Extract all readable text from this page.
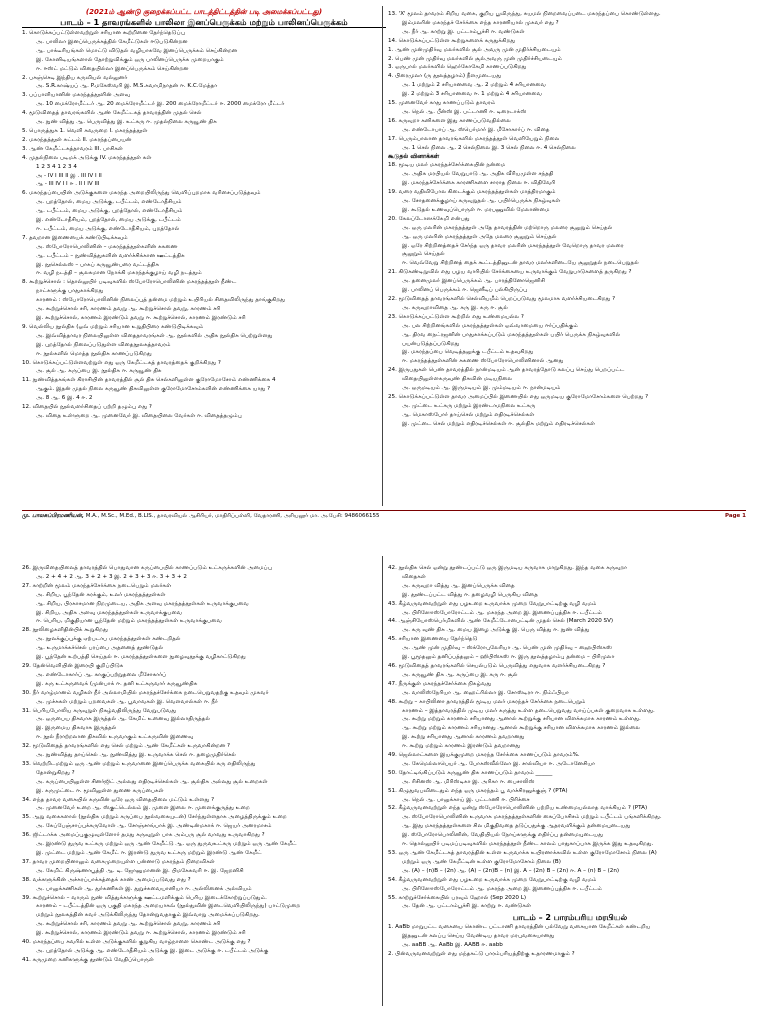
(2021ம் ஆண்டு குறைக்கப்பட்ட பாடத்திட்டத்தின் படி அமைக்கப்பட்டது)
பாடம் – 1 தாவரங்களில் பாலிலா இனப்பெருக்கம் மற்றும் பாலினப்பெருக்கம்
1. கொடுக்கப்பட்டுள்ளவற்றுள் சரியான கூற்றினை தேர்ந்தெடுப்பு
அ. பாலிலா இனப்பெருக்கத்தில் கேமீட்டுகள் ஈடுபடுகின்றன
ஆ. பாக்டீரியங்கள் மொட்டு விடுதல் வழியாகவே இனப்பெருக்கம் செய்கின்றன
இ. கோனிடியங்களால் தோற்றுவிக்கும் ஒரு பாலினப்பெருக்க முறையாகும்
ஈ. ஈஸ்ட் மட்டும் விதையில்லா இனப்பெருக்கம் செய்கின்றன
2. பசுஞ்செடி இந்திய கருவியல் வல்லுனர்
அ. S.R.காஷ்யப் ஆ. P.மகேஸ்வரி இ. M.S.சுவாமிநாதன் ஈ. K.C.மேத்தா
3. பப்பாளியானின் மகரந்தத்தூளின் அளவு
அ. 10 மைக்ரோமீட்டர் ஆ. 20 மைக்ரோமீட்டர் இ. 200 மைக்ரோமீட்டர் ஈ. 2000 மைக்ரோ மீட்டர்
4. மூடுவிதைத் தாவரங்களில் ஆண் கேமீட்டகத் தாவரத்தின் முதல் செல்
அ. நுண் வித்து ஆ. பெருவித்து இ. உட்கரு ஈ. முதல்நிலை கருவூண் திசு
5. பொருத்துக 1. வெளி சுவருறை I. மகரந்தத்தூள்
2. மகரந்தத்தூள் சுட்டம் II. மகரந்தப்பையன்
3. ஆண் கேமீட்டகத்தாவரம் III. பாசிகள்
4. முதல்நிலை படிமக் அடுக்கு IV. மகரந்தத்தூள் கள்
1 2 3 4 1 2 3 4
அ - IV I III II இ . III IV I II
ஆ - III IV I I ஈ . II I IV III
6. மகரந்தப்பையின் அடுக்குகளை மகரந்த அறையிலிருந்து வெளிப்புறமாக வரிசைப்படுத்தவும்
அ. புறத்தோல், மைய அடுக்கு, டபீட்டம், எண்டோதீசியம்
ஆ. டபீட்டம், மைய அடுக்கு, புறத்தோல், எண்டோதீசியம்
இ. எண்டோதீசியம், புறத்தோல், மைய அடுக்கு, டபீட்டம்
ஈ. டபீட்டம், மைய அடுக்கு, எண்டோதீசியம், புறத்தோல்
7. தவறான இணையைக் கண்டுபிடிக்கவும்
அ. ஸ்போரோபொலினின் – மகரந்தத்தூள்களின் சுகணை
ஆ. டபீட்டம் – நுண்வித்துகளின் வளர்ச்சிக்கான ஊட்டத்திசு
இ. நூசெல்லஸ் – பாகப் கருவூண்பரை வட்டத்திசு
ஈ. வழி நடத்தி – சூலகமான நோக்கி மகரந்தக்குழாய் வழி நடத்தும்
8. கூற்றுச்சொல் : தொல்லுயிர் படிவுகளில் ஸ்போரோபொலினின் மகரந்தத்தூள் நீண்ட
நாட்களுக்கு பாதுகாக்கிறது
காரணம் : ஸ்போரோபொலினின் நிலைப்புத் தன்மை மற்றும் உயிரியல் சிதைவிலிருந்து தாங்குகிறது
அ. கூற்றுச்சொல் சரி, காரணம் தவறு ஆ. கூற்றுச்சொல் தவறு, காரணம் சரி
இ. கூற்றுச்சொல், காரணம் இரண்டும் தவறு ஈ. கூற்றுச்சொல், காரணம் இரண்டும் சரி
9. வெல்லிய நூல்திசு (ஓவ் மற்றும் சரியான உறுதிபிரை கண்டுபிடிக்கவும்
அ. இவ்வித்தாவர நிலையிலுள்ள விதைதாவரங்கள் ஆ. நூல்களில் அதிக நூல்திசு பெற்றுள்ளது
இ. புறத்தோல் நிலைப்படுதுள்ள விதைநூலகத்தாவரம்
ஈ. நூல்களில் மொத்த நூல்திசு காணப்படுகிறது
10. கொடுக்கப்பட்டுள்ளவற்றுள் எது ஒரு கேமீட்டகத் தாவரத்தைக் குறிக்கிறது ?
அ. சூல் ஆ. கருப்பை இ. நூல்திசு ஈ. கருவூண் திசு
11. நுண்வித்தகங்கள் கிராசியின் தாவரத்தில் சூல் திசு செல்களிலுள்ள குரோமோசோம் எண்ணிக்கை 4
ஆகும். இதன் முதல் நிலை கருவூண் திசுவிலுள்ள குரோமோசோம்களின் எண்ணிக்கை யாது ?
அ. 8 ஆ. 6 இ. 4 ஈ. 2
12. விதையில் நூல்வளர்சிதைப் பற்றி தழும்பு எது ?
அ. விதை உள்ளுறை ஆ. முனைவேர் இ. விதையிலை வேர்கள் ஈ. விதைத்தழும்பு
13. 'X' மூலம் தாவரம் சிறிய வகை, குறிய பூவிருந்து, சுயமல் நிறைவைப்படை மகரந்தப்பை கொண்டுள்ளது.
இம்மலரின் மகரந்தச் சேர்க்கை எந்த காரணியால் முகவர் எது ?
அ. நீர் ஆ. காற்று இ. பட்டாம்பூச்சி ஈ. வண்டுகள்
14. கொடுக்கப்பட்டுள்ள கூற்றுகளைக் கருதுக்கிறது
1. ஆண் முன்முதிர்வு மலர்களில் சூல் அவரு முன் முதிர்ச்சியடையும்
2. பெண் முன் முதிர்வு மலர்களில் சூல்அவரு முன் முதிர்ச்சியடையும்
3. ஒருபால் மலர்களில் ஹெர்கோகேமி காணப்படுகிறது
4. பிரைமுலா (ரு தூலத்தழாம்) நீளமுடையது
அ. 1 மற்றும் 2 சரியானவை ஆ. 2 மற்றும் 4 சரியானவை
இ. 2 மற்றும் 3 சரியானவை ஈ. 1 மற்றும் 4 சரியானவை
15. முனைவேர் காது காணப்படும் தாவரம்
அ. நெல் ஆ. பீன்ஸ் இ. பட்டாணி ஈ. டிரைடாக்ஸ்
16. கருவுறா கனிகளை இது காணப்படுவதில்லை
அ. எண்டோபாப் ஆ. ஸ்பெர்மார் இ. மீசோகார்ப் ஈ. விதை
17. பெரும்பாலான தாவரங்களில் மகரந்தத்தூள் வெளியேறும் நிலை
அ. 1 செல் நிலை ஆ. 2 செல்நிலை இ. 3 செல் நிலை ஈ. 4 செல்நிலை
கூடுதல் வினாக்கள்
18. மூடிய மலர் மகரந்தச்சேர்க்கையின் நன்மை
அ. அதிக மரபியல் வேறுபாடு ஆ. அதிக வீரியமுள்ள சந்ததி
இ. மகரந்தச்சேர்க்கை காரணிகளை சாராத நிலை ஈ. விதிவேரி
19. வரை வதிவிபோல கிடைக்கும் மகரந்தத்தூள்கள் மாத்திரமாகும்
அ. சோதனைக்குழாய் கருவுறுதல் ஆ. பயிர்பெருக்க நிகழ்வுகள்
இ. கூடுதல் உணவுப்பொருள் ஈ. மரபணுவில் மேலாண்மை
20. கேலப்டோஸக்கேமி என்பது
அ. ஒரு மலரின் மகரந்தத்தூள் அதே தாவரத்தின் மற்றொரு மலரை சூலுறும் செய்தல்
ஆ. ஒரு மலரின் மகரந்தத்தூள் அதே மலரை சூலுறும் செய்தல்
இ. ஒரே சிற்றினத்தைச் சேர்ந்த ஒரு தாவர மலரின் மகரந்தத்தூள் வேறொரு தாவர மலரை
சூலுறும் செய்தல்
ஈ. வெவ்வேறு சிற்றினத் தைக் கூட்டத்தினுடன் தாவர மலர்களிடையே சூலுறுதல் நடைபெறுதல்
21. கிடுகண்டிறுவில் எது பழய வாரியில் சேர்க்கையை உருவாக்கும் வேறுபாடுகளைத் தருகிறது ?
அ. தனைமுலர் இனப்பெருக்கம் ஆ. பாரத்தினோஜெனிசி
இ. பாலினப் பெருக்கம் ஈ. ஜெனீடிப் பல்கியிருப்பு
22. மூடுவிதைத் தாவரங்களில் செல்வியமீம் பெறப்படுவது மூலமாக வளர்ச்சியடைகிறது ?
அ. கருவுறாவிதை ஆ. கரு இ. கரு ஈ. சூல்
23. கொடுக்கப்பட்டுள்ள கூற்றில் எது உண்மையல்ல ?
அ. பல சிற்றினங்களில் மகரந்தத்தூள்கள் ஒவ்வாமையை ஈர்ப்பதிக்கும்
ஆ. திரவ நைட்ரஜனின் பாதுகாக்கப்படும் மகரந்தத்தூள்கள் பயிர் பெருக்க நிகழ்வுகளில்
பயன்படுத்தப்படுகிறது
இ. மகரந்தப்பை வெடித்தலுக்கு டபீட்டம் உதவுகிறது
ஈ. மகரந்தத்தூள்களின் சுகணை ஸ்போரோபொலினினால் ஆனது
24. இருபதுகள் பெண் தாவரத்தில் நான்மடியம் ஆன் தாவரத்தோடு கலப்பு செய்து பெறப்பட்ட
விதையிலுள்ளகருவுண் திசுவின் மடியநிலை
அ. ஒருமடியம் ஆ. இருமடியம் இ. மும்மடியம் ஈ. நான்மடியம்
25. கொடுக்கப்பட்டுள்ள தாவர அமைப்பில் இணையில் எது ஒருமடிய குரோமோசோம்களை பெற்றது ?
அ. முட்டை உட்கரு மற்றும் இரண்டாமநிலை உட்கரு
ஆ. மெகாஸ்போர் தாய்செல் மற்றும் எதிரடிச்செல்கள்
இ. முட்டை செல் மற்றும் எதிரடிச்செல்கள் ஈ. சூல்திசு மற்றும் எதிரடிச்செல்கள்
மு. பாலசுப்பிரமணியன், M.A., M.Sc., M.Ed., B.LIS., தாவரவியல் ஆசிரியர், மாதிரிப்பள்ளி, வேதாரணி, அரியலூர் மா. அ.பேசி: 9486066155	Page 1
26. இருவிதையிலைத் தாவரத்தில் பொதுவான கருப்பையில் காணப்படும் உட்கருக்களின் அமைப்பு
அ. 2 + 4 + 2 ஆ. 3 + 2 + 3 இ. 2 + 3 + 3 ஈ. 3 + 3 + 2
27. காற்றின் மூலம் மகரந்தச்சேர்க்கை நடைபெறும் மலர்கள்
அ. சிறிய, பூந்தேன் சுரக்கும், உலர் மகரந்தத்தூள்கள்
ஆ. சிறிய, பிரகாசமான நிறமுடைய, அதிக அளவு மகரந்தத்தூள்கள் உருவாக்குபவை
இ. சிறிய, அதிக அளவு மகரந்தத்தூள்கள் உருவாக்குபவை
ஈ. பெரிய, மிகுதியான பூந்தேன் மற்றும் மகரந்தத்தூள்கள் உருவாக்குபவை
28. நூலிழைகளிதின்பிக் கூறுகிறது
அ. நூலக்குப்புக்கு ஏற்படாப மகரந்தத்தூள்கள் கண்டறிதல்
ஆ. உருமாக்கச்செல் பரப்பை அதனைத் தூண்டுதல்
இ. பூந்தேன் உற்பத்தி செய்தல் ஈ. மகரந்தத்தூள்களை நுழைவுதூக்கு வழிகாட்டுகிறது
29. தேன்வெளியின் இரையி குறிப்பிடுக
அ. எண்டோகார்ப் ஆ. காகுப்பற்றுதலை மீசோகார்ப்
இ. கரு உட்கருவைக் (முன்பாக் ஈ. தனி உட்கருவார் கருவூண்திசு
30. நீர் வாழ்மானம் வழிகள் நீர் அல்லாமியில் மகரந்தச்சேர்க்கை நடைபெறுவதற்கு உதவும் முகவர்
அ. முச்சுகள் மற்றும் பறவைகள் ஆ. பூவாவகள் இ. வௌவால்கள் ஈ. நீர்
31. பெரியபோலிய கருவுறுள் நிகழ்வதிலிருந்து வேறுபடுவது
அ. ஒருபைய திசுவாக இருத்தல் ஆ. கேமிட் உனைவு இல்லாதிருத்தல்
இ. இருமைய திசுவாக இருத்தல்
ஈ. நூல் நீராற்றலான திசுவில் உருவாகும் உட்கருவின் இணைவு
32. மூடுவிதைத் தாவரங்களில் எது செல் மற்றும் ஆண் கேமீட்கள் உருவாகின்றன ?
அ. நுண்வித்து தாய்செல் ஆ. நுண்வித்து இ. உருவாக்க செல் ஈ. தழைமுதிர்செல்
33. வெற்றிடமற்றும் ஒரு ஆண் மற்றும் உருவானை இனப்பெருக்க வகையில் கரு எதிலிருந்து
தோன்றுகிறது ?
அ. கருப்பையிலுள்ள சினர்ஜிட் அல்லது எதிரடிச்செல்கள் ஆ. சூல்திசு அல்லது சூல் உறைகள்
இ. கருமுட்டை ஈ. மூவிலுள்ள துணை கருப்பைகள்
34. எந்த தாவர வகையில் கருவின் ஒரே ஒரு விதையிலை மட்டும் உள்ளது ?
அ. முனைவேர் உறை ஆ. ஸ்குட்டெல்லம் இ. முளை இலை ஈ. முளைக்குருத்து உறை
35. ஆறு வகைகளால் (நூல்திசு மற்றும் கருப்பை நூல்வகையுடன்) சேர்ந்துள்ளதாக அழைத்திருக்கும் உறை
அ. கேப்பேஞ்சாப்புக்கருவோள் ஆ. சோஞ்சாங்பாக் இ. அண்டின்மகாக் ஈ. ஜெயர் அனரமாசம்
36. ஜிட்டாக்க அமைப்புகுழுவுள்ளோர் தமது கருவுறுள் பாக அம்பரு சூல் வாவது உருவாகிறது ?
அ. இரண்டு துருவ உட்கரு மற்றும் ஒரு ஆண் கேமீட்டு ஆ. ஒரு துருவஉட்கரு மற்றும் ஒரு ஆண் கேமீட்
இ. முட்டை மற்றும் ஆண் கேமீட் ஈ. இரண்டு துருவ உட்கரு மற்றும் இரண்டு ஆண் கேமீட்
37. தாவர முறையினாலும் வகைமுறையுள்ள பன்னாடு மகரந்தம் நிறைவிகள்
அ. கேமிட் கிருஷ்ணாபூத்தி ஆ. டி. ஜோனுமானன் இ. பிமகேசுவரி ஈ. இ. ஜேறனிசி
38. வக்களுக்கின் அச்சுரப்பாக்கத்தைக் காண் அமைப்படுவது எது ?
அ. பாலுக்கணிகள் ஆ. துர்கணிகள் இ. துறுச்சுவையானியா ஈ. அல்லினைக் அல்வியம்
39. கூற்றுச்சொல் – வாரும் நுண் வித்துக்களுக்கு ஊட்டமளிக்கும் பெரிய இடைக்கோற்றுப்படுதும்.
காரணம் – டபீட்டத்தின் ஒரு பகுதி மகரந்த அறையாகவ் (நூல்துவின் இடைவெளியிலிருந்து) பாட்டுமுறை
மற்றும் நூலகத்தின் சுவர் அடுக்கிலிருந்து தோன்றுவதாகும் இவ்வாறு அமைக்கப்படுகிறது.
அ. கூற்றுச்சொல் சரி, காரணம் தவறு ஆ. கூற்றுச்சொல் தவறு, காரணம் சரி
இ. கூற்றுச்சொல், காரணம் இரண்டும் தவறு ஈ. கூற்றுச்சொல், காரணம் இரண்டும் சரி
40. மகரந்தப்பை சுவரில் உள்ள அடுக்குகளில் குறுகிய வாழ்நாளை கொண்ட அடுக்கு எது ?
அ. புறத்தோல் அடுக்கு ஆ. எண்டோதீசியம் அடுக்கு இ. இடை அடுக்கு ஈ. டபீட்டம் அடுக்கு
41. கருமுறை கனிகளுக்கு தூண்டும் வேதிப்பொருள்
42. நூல்திசு செல் ஒன்று தூண்டப்பட்டு ஒரு இருமடிய கருவாக மாறுகிறது. இந்த வகை கருவுறா
விதைகள்
அ. கருவுறா வித்து ஆ. இனப்பெருக்க விதை
இ. தூண்டப்பட்ட வித்து ஈ. தழைவழி பெருகிய விதை
43. கீழ்வருவனவற்றுள் எது பழஉறை உருவாக்க முறை வேறுபாட்டிற்கு வழி வமம்
அ. பிரிஸோஸ்போரோட்டம் ஆ. மகரந்த அறை இ. இணைப்புத்திசு ஈ. டபீட்டம்
44. ஆஞ்சியோஸ்பெர்மிகளில் ஆண் கேமீட்டோபைட்டின் முதல் செல் (March 2020 SV)
அ. கரு வுண் திசு ஆ. மைய இழை அடுக்கு இ. பெரு வித்து ஈ. நுண் வித்து
45. சரியான இணையை தேர்ந்தெடு
அ. ஆண் முன் முதிர்வு – ஸ்க்ரோபுலேரியா ஆ. பெண் முன் முதிர்வு – ஹைபிஸ்கஸ்
இ. பூமூதலும் தனிப்பத்தலும் – ஹிபிஸ்கஸ் ஈ. இரு தூலத்தழாம்பு தன்மை – பிரிமுலா
46. மூடுவிதைத் தாவரங்களில் செயல்படும் பெருவித்து எதுவாக வளர்ச்சியடைகிறது ?
அ. கருவூண் திசு ஆ. கருப்பை இ. கரு ஈ. சூல்
47. நீருக்குள் மகரந்தச்சேர்க்கை நிகழ்வது
அ. வாலிஸ்நேரியா ஆ. ஹைட்ரில்லா இ. சோஸ்டிரா ஈ. நிம்ஃபியா
48. கூற்று – காபிலினா தாவரத்தில் மூடிய மலர் மகரந்தச் சேர்க்கை நடைபெறும்
காரணம் – இத்தாவரத்தில் முடிய மலர் கருத்து உள்ள தடைபெறுவது வாய்ப்பகள் குறைவாக உள்ளது.
அ. கூற்று மற்றும் காரணம் சரியானது ஆனால் கூற்றுக்கு சரியான விளக்கமாக காரணம் உள்ளது.
ஆ. கூற்று மற்றும் காரணம் சரியானது ஆனால் கூற்றுக்கு சரியான விளக்கமாக காரணம் இல்லை
இ. கூற்று சரியானது ஆனால் காரணம் தவறானது
ஈ. கூற்று மற்றும் காரணம் இரண்டும் தவறானது
49. ஜெல்லாட்களை இயக்குமுறை மகரந்த சேர்க்கை காணப்படும் தாவரம்%.
அ. கேமெல்லாபெயர் ஆ. போகஸ்வீல்லோ இ. சால்வியா ஈ. அடோனேசியா
50. தோட்டிங்கிப்படும் கருவூண் திசு காணப்படும் தாவரம் ______
அ. ரிசினஸ் ஆ. மிரிஸ்டிகா இ. அரிகா ஈ. பைசாலிஸ்
51. கிழுதுவபவிடைதும் எந்த ஒரு மகரந்தம் பூ வாச்சிரனுக்குஞ் ? (PTA)
அ. நெல் ஆ. பாலுக்காய் இ. பட்டாணி ஈ. பிரிச்சை
52. கீழ்வருவனவற்றுள் எந்த ஒன்று ஸ்போரோபொலினின் பற்றிய உண்மையல்லாத வாக்கியம் ? (PTA)
அ. ஸ்போரோபொலினின் உருவாக மகரந்தத்தூள்களின் கைப்போசிசம் மற்றும் டபீட்டம் பங்களிக்கிறது.
ஆ. இது மகரந்தத்தூள்களை சில மிகுதிவதை தடுப்பதுக்கு ஆதரவளிக்கும் தன்மையுடையது
இ. ஸ்போரோபொலினின், வேதியியல் நோய்களுக்கு எதிர்ப்பு தன்மையுடையது
ஈ. தொல்லுயிர் படிமப்படிவுகளில் மகரந்தத்தூள் நீண்ட காலம் பாதுகாப்பாக இருக்க இது உதவுகிறது.
53. ஒரு ஆண் கேமீட்டகத் தாவரத்தின் உள்ள உருவாக்க உயிரனாக்கவில் உள்ள குரோமோசோம் நிலை (A)
மற்றும் ஒரு ஆண் கேமீட்டின் உள்ள குரோமோசோம் நிலை (B)
அ. (A) – (n)B – (2n) ஆ. (A) – (2n)B – (n) இ. A – (2n) B – (2n) ஈ. A – (n) B – (2n)
54. கீழ்வருவனவற்றுள் எது பழஉறை உருவாக்க முறை வேறுபாட்டிற்கு வழி வமம்
அ. பிரிஸோஸ்போரோட்டம் ஆ. மகரந்த அறை இ. இணைப்புத்திசு ஈ. டபீட்டம்
55. காற்றுச்சேர்க்கையில் பரவும் ஹோல் (Sep 2020 L)
அ. தேன் ஆ. பட்டாம்பூச்சி இ. காற்று ஈ. வண்டுகள்
பாடம் – 2 பாரம்பரிய மரபியல்
1. AaBb மாறுபட்ட வகையை கொண்ட பட்டாணி தாவரத்தின் பல்வேறு வகையான கேமீட்கள் கண்டறிய
இதனுடன் கலப்பு செய்ய வேண்டிய தாவர மரபுவகையானது
அ. aaBB ஆ. AaBb இ. AABB ஈ. aabb
2. பின்வருவனவற்றுள் எது மந்தகட்டு பாரம்பரியத்திற்கு உதாரணமாகும் ?
